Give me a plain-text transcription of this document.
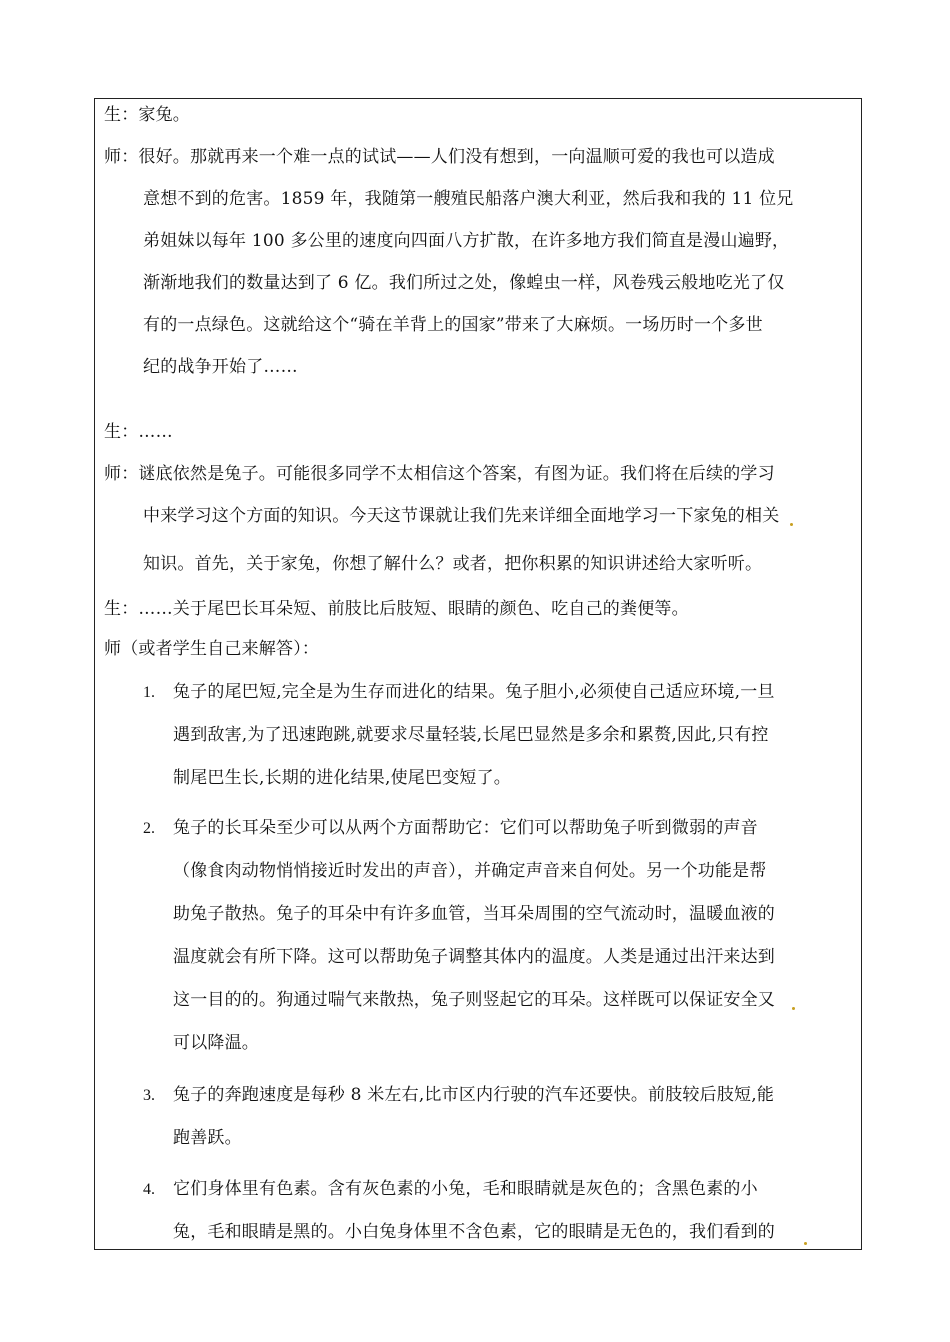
生：家兔。
师：很好。那就再来一个难一点的试试——人们没有想到，一向温顺可爱的我也可以造成
意想不到的危害。1859 年，我随第一艘殖民船落户澳大利亚，然后我和我的 11 位兄
弟姐妹以每年 100 多公里的速度向四面八方扩散，在许多地方我们简直是漫山遍野，
渐渐地我们的数量达到了 6 亿。我们所过之处，像蝗虫一样，风卷残云般地吃光了仅
有的一点绿色。这就给这个“骑在羊背上的国家”带来了大麻烦。一场历时一个多世
纪的战争开始了……
生：……
师：谜底依然是兔子。可能很多同学不太相信这个答案，有图为证。我们将在后续的学习
中来学习这个方面的知识。今天这节课就让我们先来详细全面地学习一下家兔的相关
知识。首先，关于家兔，你想了解什么？或者，把你积累的知识讲述给大家听听。
生：……关于尾巴长耳朵短、前肢比后肢短、眼睛的颜色、吃自己的粪便等。
师（或者学生自己来解答）：
1. 兔子的尾巴短,完全是为生存而进化的结果。兔子胆小,必须使自己适应环境,一旦
遇到敌害,为了迅速跑跳,就要求尽量轻装,长尾巴显然是多余和累赘,因此,只有控
制尾巴生长,长期的进化结果,使尾巴变短了。
2. 兔子的长耳朵至少可以从两个方面帮助它：它们可以帮助兔子听到微弱的声音
（像食肉动物悄悄接近时发出的声音），并确定声音来自何处。另一个功能是帮
助兔子散热。兔子的耳朵中有许多血管，当耳朵周围的空气流动时，温暖血液的
温度就会有所下降。这可以帮助兔子调整其体内的温度。人类是通过出汗来达到
这一目的的。狗通过喘气来散热，兔子则竖起它的耳朵。这样既可以保证安全又
可以降温。
3. 兔子的奔跑速度是每秒 8 米左右,比市区内行驶的汽车还要快。前肢较后肢短,能
跑善跃。
4. 它们身体里有色素。含有灰色素的小兔，毛和眼睛就是灰色的；含黑色素的小
兔，毛和眼睛是黑的。小白兔身体里不含色素，它的眼睛是无色的，我们看到的
